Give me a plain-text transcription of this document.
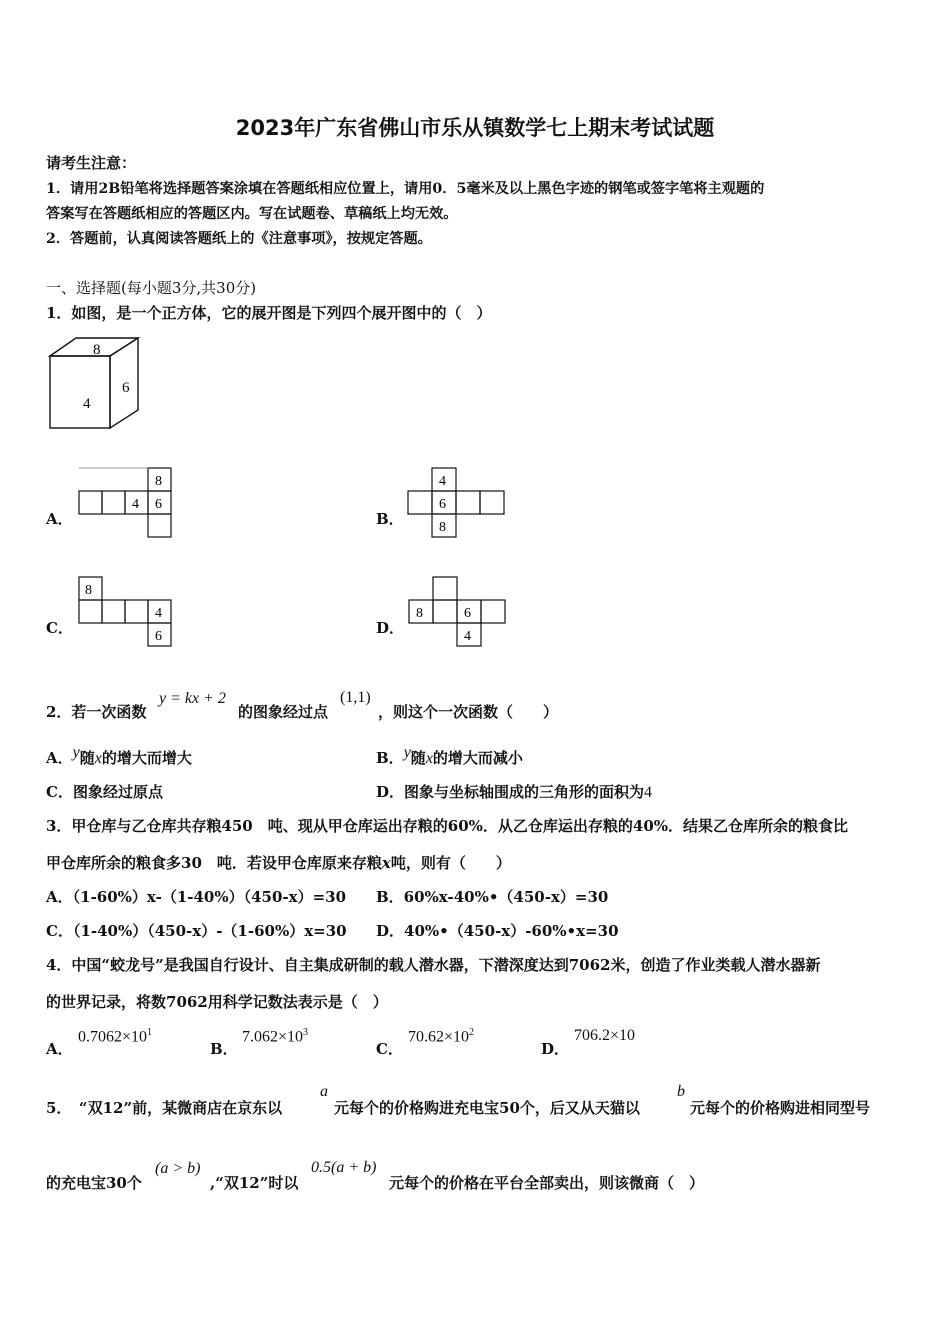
2023年广东省佛山市乐从镇数学七上期末考试试题
请考生注意：
1．请用2B铅笔将选择题答案涂填在答题纸相应位置上，请用0．5毫米及以上黑色字迹的钢笔或签字笔将主观题的
答案写在答题纸相应的答题区内。写在试题卷、草稿纸上均无效。
2．答题前，认真阅读答题纸上的《注意事项》，按规定答题。
一、选择题(每小题3分,共30分)
1．如图，是一个正方体，它的展开图是下列四个展开图中的（　）
8
4
6
A．
8
4 6
B．
4
6
8
C．
8
4
6	D．
8	6
4
2．若一次函数
y = kx + 2
的图象经过点
(1,1)
，则这个一次函数（　　）
A．y随x的增大而增大	B．y随x的增大而减小
C．图象经过原点	D．图象与坐标轴围成的三角形的面积为4
3．甲仓库与乙仓库共存粮450　吨、现从甲仓库运出存粮的60%．从乙仓库运出存粮的40%．结果乙仓库所余的粮食比
甲仓库所余的粮食多30　吨．若设甲仓库原来存粮x吨，则有（　　）
A．（1-60%）x-（1-40%）（450-x）=30 B．60%x-40%•（450-x）=30
C．（1-40%）（450-x）-（1-60%）x=30 D．40%•（450-x）-60%•x=30
4．中国“蛟龙号”是我国自行设计、自主集成研制的载人潜水器，下潜深度达到7062米，创造了作业类载人潜水器新
的世界记录，将数7062用科学记数法表示是（　）
A．
$0.7062\times 10^1$
B．
$7.062\times 10^3$
C．
$70.62\times 10^2$
D．
706.2×10
5．　“双12”前，某微商店在京东以
a
元每个的价格购进充电宝50个，后又从天猫以
b
元每个的价格购进相同型号
的充电宝30个
(a > b)
,“双12”时以
0.5(a + b)
元每个的价格在平台全部卖出，则该微商（　）
